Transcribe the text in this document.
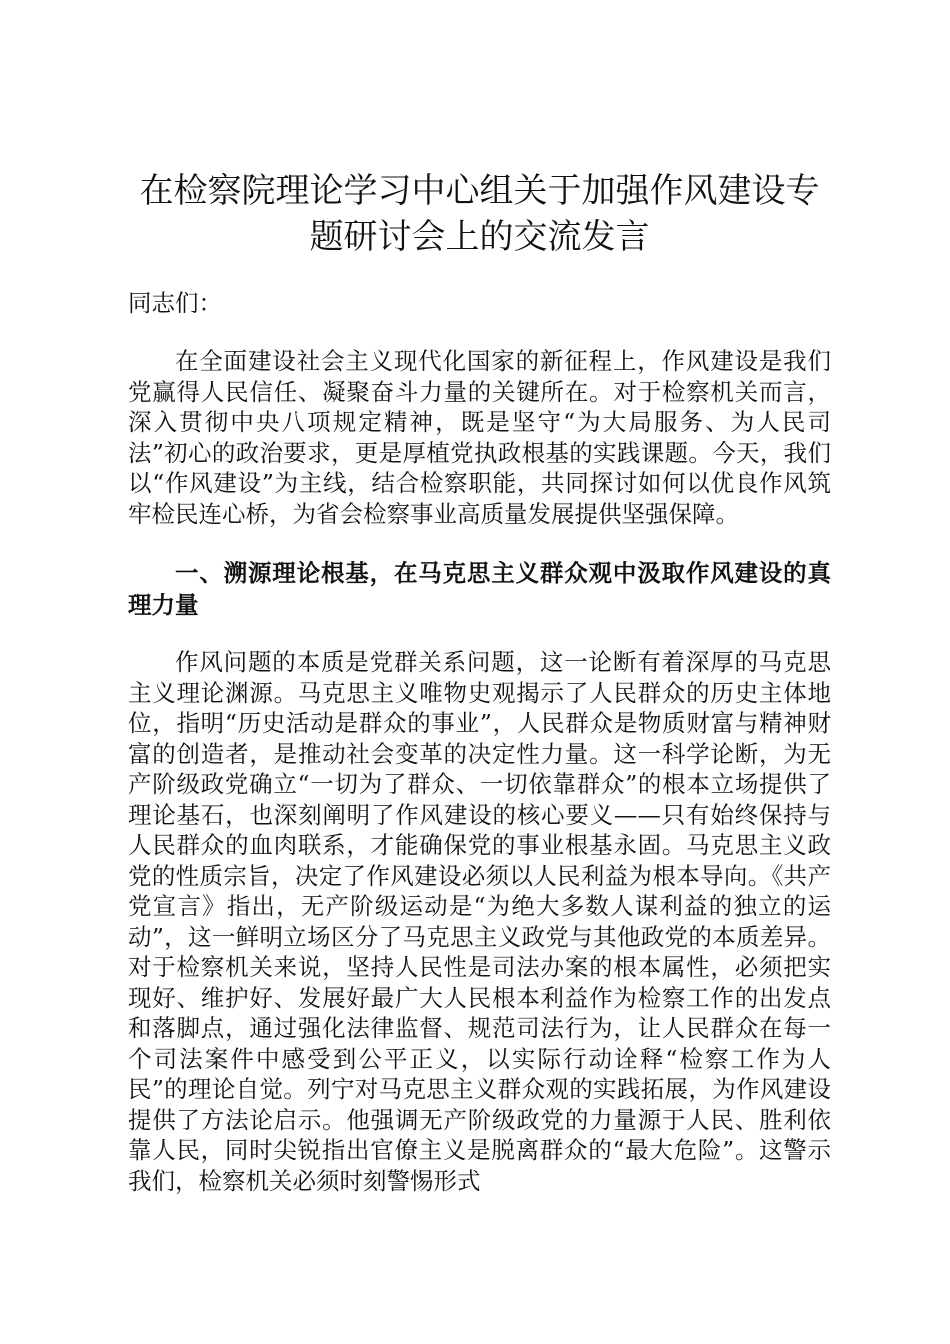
在检察院理论学习中心组关于加强作风建设专题研讨会上的交流发言

同志们：

在全面建设社会主义现代化国家的新征程上，作风建设是我们党赢得人民信任、凝聚奋斗力量的关键所在。对于检察机关而言，深入贯彻中央八项规定精神，既是坚守“为大局服务、为人民司法”初心的政治要求，更是厚植党执政根基的实践课题。今天，我们以“作风建设”为主线，结合检察职能，共同探讨如何以优良作风筑牢检民连心桥，为省会检察事业高质量发展提供坚强保障。

一、溯源理论根基，在马克思主义群众观中汲取作风建设的真理力量

作风问题的本质是党群关系问题，这一论断有着深厚的马克思主义理论渊源。马克思主义唯物史观揭示了人民群众的历史主体地位，指明“历史活动是群众的事业”，人民群众是物质财富与精神财富的创造者，是推动社会变革的决定性力量。这一科学论断，为无产阶级政党确立“一切为了群众、一切依靠群众”的根本立场提供了理论基石，也深刻阐明了作风建设的核心要义——只有始终保持与人民群众的血肉联系，才能确保党的事业根基永固。马克思主义政党的性质宗旨，决定了作风建设必须以人民利益为根本导向。《共产党宣言》指出，无产阶级运动是“为绝大多数人谋利益的独立的运动”，这一鲜明立场区分了马克思主义政党与其他政党的本质差异。对于检察机关来说，坚持人民性是司法办案的根本属性，必须把实现好、维护好、发展好最广大人民根本利益作为检察工作的出发点和落脚点，通过强化法律监督、规范司法行为，让人民群众在每一个司法案件中感受到公平正义，以实际行动诠释“检察工作为人民”的理论自觉。列宁对马克思主义群众观的实践拓展，为作风建设提供了方法论启示。他强调无产阶级政党的力量源于人民、胜利依靠人民，同时尖锐指出官僚主义是脱离群众的“最大危险”。这警示我们，检察机关必须时刻警惕形式
